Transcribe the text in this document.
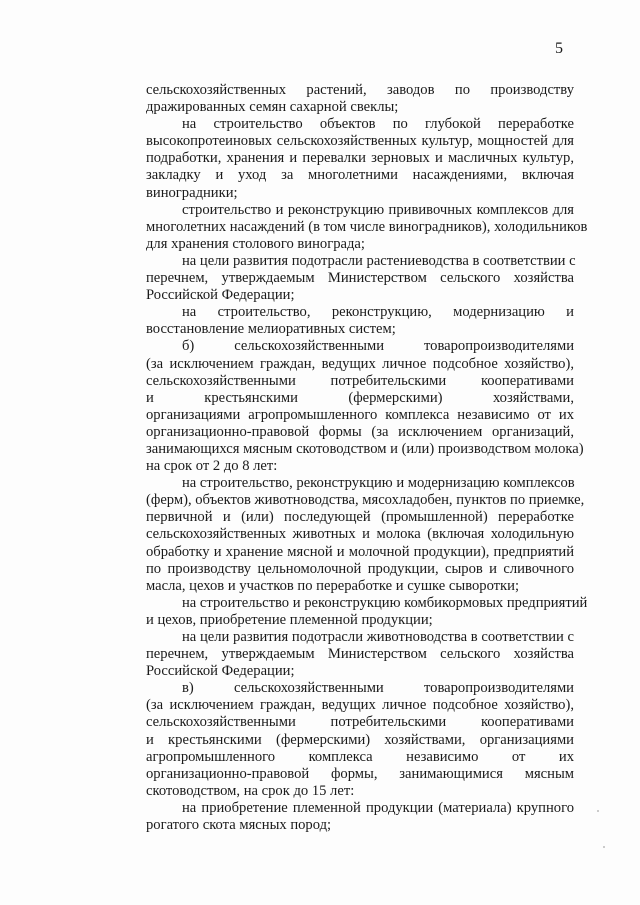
5
сельскохозяйственных растений, заводов по производству
дражированных семян сахарной свеклы;
на строительство объектов по глубокой переработке
высокопротеиновых сельскохозяйственных культур, мощностей для
подработки, хранения и перевалки зерновых и масличных культур,
закладку и уход за многолетними насаждениями, включая
виноградники;
строительство и реконструкцию прививочных комплексов для
многолетних насаждений (в том числе виноградников), холодильников
для хранения столового винограда;
на цели развития подотрасли растениеводства в соответствии с
перечнем, утверждаемым Министерством сельского хозяйства
Российской Федерации;
на строительство, реконструкцию, модернизацию и
восстановление мелиоративных систем;
б) сельскохозяйственными товаропроизводителями
(за исключением граждан, ведущих личное подсобное хозяйство),
сельскохозяйственными потребительскими кооперативами
и крестьянскими (фермерскими) хозяйствами,
организациями агропромышленного комплекса независимо от их
организационно-правовой формы (за исключением организаций,
занимающихся мясным скотоводством и (или) производством молока)
на срок от 2 до 8 лет:
на строительство, реконструкцию и модернизацию комплексов
(ферм), объектов животноводства, мясохладобен, пунктов по приемке,
первичной и (или) последующей (промышленной) переработке
сельскохозяйственных животных и молока (включая холодильную
обработку и хранение мясной и молочной продукции), предприятий
по производству цельномолочной продукции, сыров и сливочного
масла, цехов и участков по переработке и сушке сыворотки;
на строительство и реконструкцию комбикормовых предприятий
и цехов, приобретение племенной продукции;
на цели развития подотрасли животноводства в соответствии с
перечнем, утверждаемым Министерством сельского хозяйства
Российской Федерации;
в) сельскохозяйственными товаропроизводителями
(за исключением граждан, ведущих личное подсобное хозяйство),
сельскохозяйственными потребительскими кооперативами
и крестьянскими (фермерскими) хозяйствами, организациями
агропромышленного комплекса независимо от их
организационно-правовой формы, занимающимися мясным
скотоводством, на срок до 15 лет:
на приобретение племенной продукции (материала) крупного
рогатого скота мясных пород;
